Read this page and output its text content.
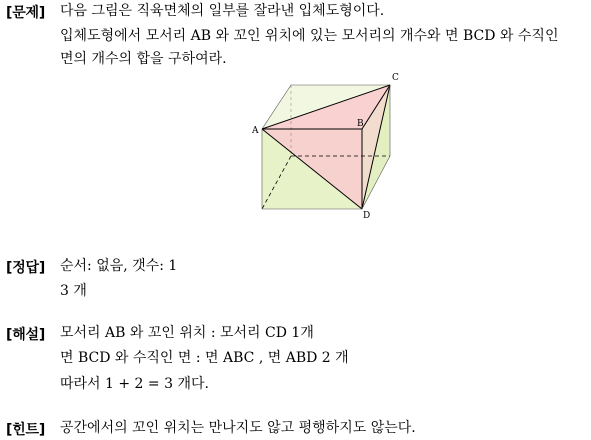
[문제] 다음 그림은 직육면체의 일부를 잘라낸 입체도형이다.
입체도형에서 모서리 AB 와 꼬인 위치에 있는 모서리의 개수와 면 BCD 와 수직인
면의 개수의 합을 구하여라.
A
B
C
D
[정답] 순서: 없음, 갯수: 1
3 개
[해설] 모서리 AB 와 꼬인 위치 : 모서리 CD 1개
면 BCD 와 수직인 면 : 면 ABC , 면 ABD 2 개
따라서 1 + 2 = 3 개다.
[힌트] 공간에서의 꼬인 위치는 만나지도 않고 평행하지도 않는다.
